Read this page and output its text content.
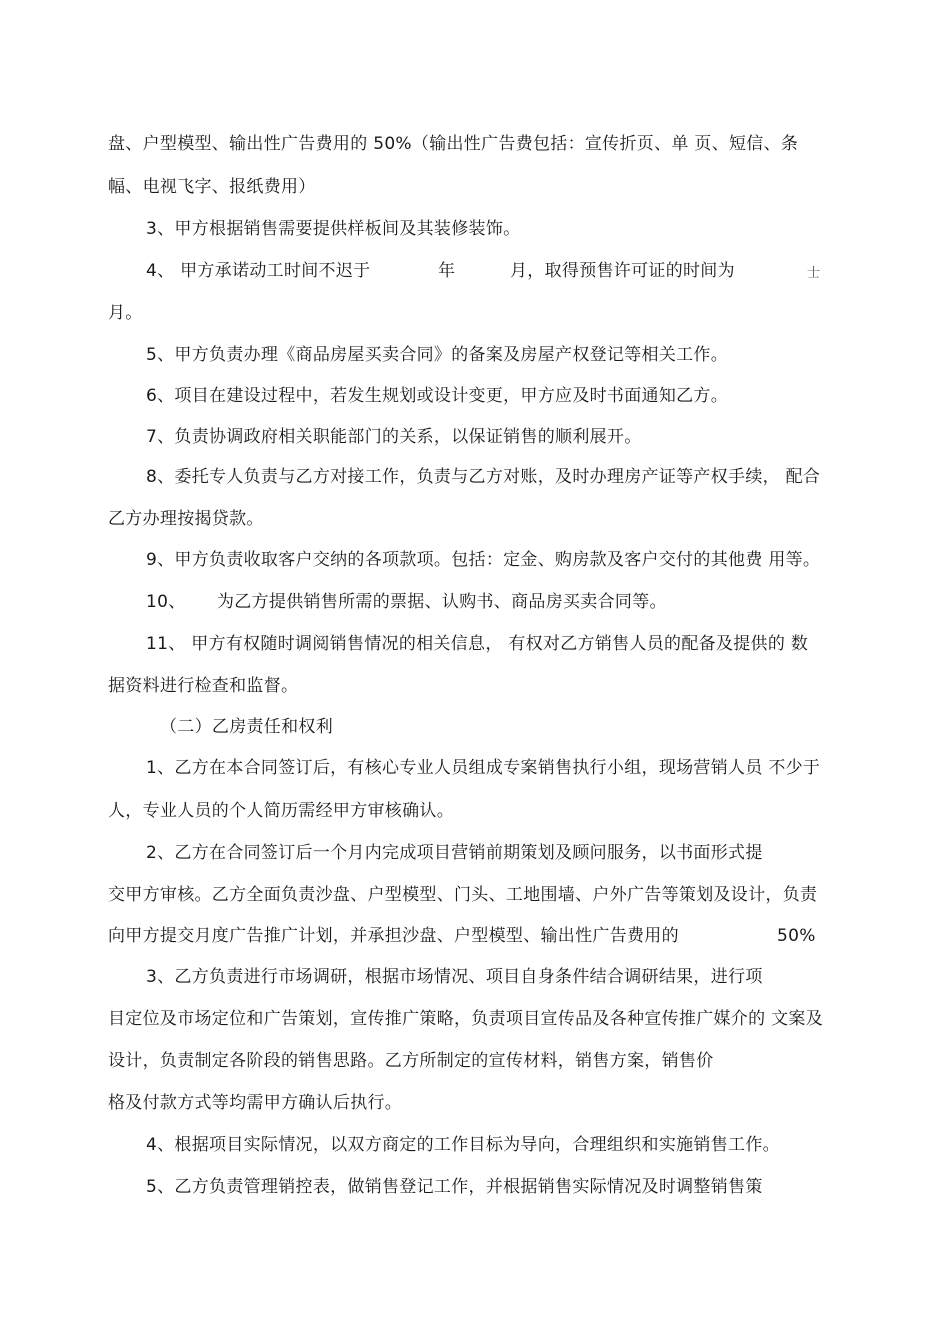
盘、户型模型、输出性广告费用的 50%（输出性广告费包括：宣传折页、单 页、短信、条
幅、电视飞字、报纸费用）
3、甲方根据销售需要提供样板间及其装修装饰。
4、 甲方承诺动工时间不迟于	年	月，取得预售许可证的时间为	士
月。
5、甲方负责办理《商品房屋买卖合同》的备案及房屋产权登记等相关工作。
6、项目在建设过程中，若发生规划或设计变更，甲方应及时书面通知乙方。
7、负责协调政府相关职能部门的关系，以保证销售的顺利展开。
8、委托专人负责与乙方对接工作，负责与乙方对账，及时办理房产证等产权手续， 配合
乙方办理按揭贷款。
9、甲方负责收取客户交纳的各项款项。包括：定金、购房款及客户交付的其他费 用等。
10、 为乙方提供销售所需的票据、认购书、商品房买卖合同等。
11、 甲方有权随时调阅销售情况的相关信息， 有权对乙方销售人员的配备及提供的 数
据资料进行检查和监督。
（二）乙房责任和权利
1、乙方在本合同签订后，有核心专业人员组成专案销售执行小组，现场营销人员 不少于
人，专业人员的个人简历需经甲方审核确认。
2、乙方在合同签订后一个月内完成项目营销前期策划及顾问服务，以书面形式提
交甲方审核。乙方全面负责沙盘、户型模型、门头、工地围墙、户外广告等策划及设计，负责
向甲方提交月度广告推广计划，并承担沙盘、户型模型、输出性广告费用的	50%
3、乙方负责进行市场调研，根据市场情况、项目自身条件结合调研结果，进行项
目定位及市场定位和广告策划，宣传推广策略，负责项目宣传品及各种宣传推广媒介的 文案及
设计，负责制定各阶段的销售思路。乙方所制定的宣传材料，销售方案，销售价
格及付款方式等均需甲方确认后执行。
4、根据项目实际情况，以双方商定的工作目标为导向，合理组织和实施销售工作。
5、乙方负责管理销控表，做销售登记工作，并根据销售实际情况及时调整销售策
